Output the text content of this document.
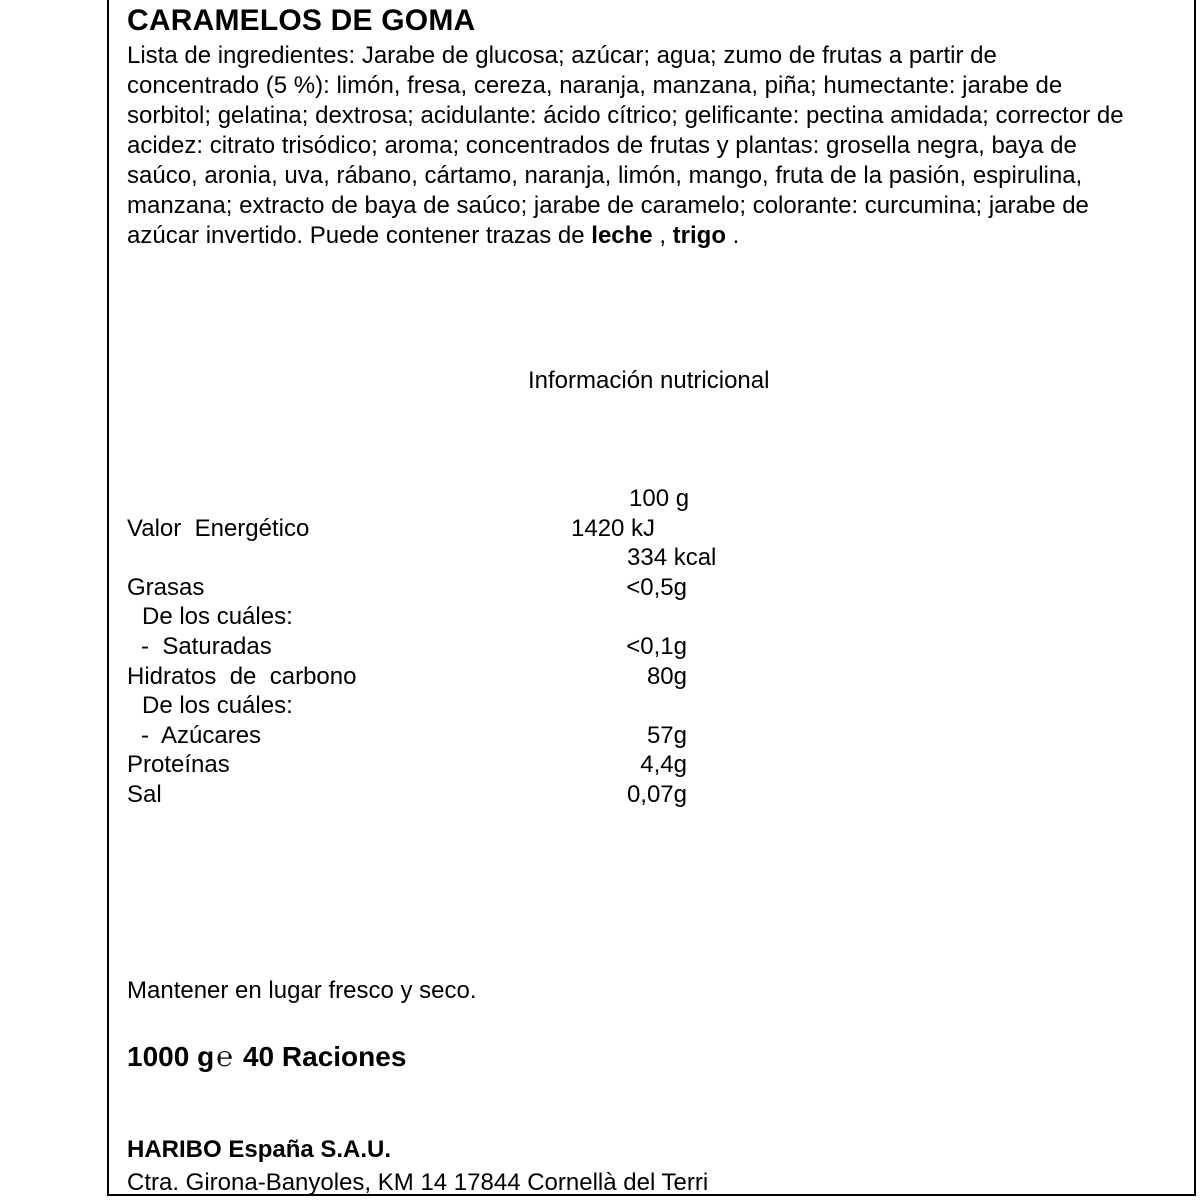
CARAMELOS DE GOMA
Lista de ingredientes: Jarabe de glucosa; azúcar; agua; zumo de frutas a partir de concentrado (5 %): limón, fresa, cereza, naranja, manzana, piña; humectante: jarabe de sorbitol; gelatina; dextrosa; acidulante: ácido cítrico; gelificante: pectina amidada; corrector de acidez: citrato trisódico; aroma; concentrados de frutas y plantas: grosella negra, baya de saúco, aronia, uva, rábano, cártamo, naranja, limón, mango, fruta de la pasión, espirulina, manzana; extracto de baya de saúco; jarabe de caramelo; colorante: curcumina; jarabe de azúcar invertido. Puede contener trazas de leche , trigo .
Información nutricional
100 g
Valor  Energético	1420 kJ
334 kcal
Grasas	<0,5g
De los cuáles:
-  Saturadas	<0,1g
Hidratos  de  carbono	80g
De los cuáles:
-  Azúcares	57g
Proteínas	4,4g
Sal	0,07g
Mantener en lugar fresco y seco.
1000 g ℮ 40 Raciones
HARIBO España S.A.U.
Ctra. Girona-Banyoles, KM 14 17844 Cornellà del Terri
